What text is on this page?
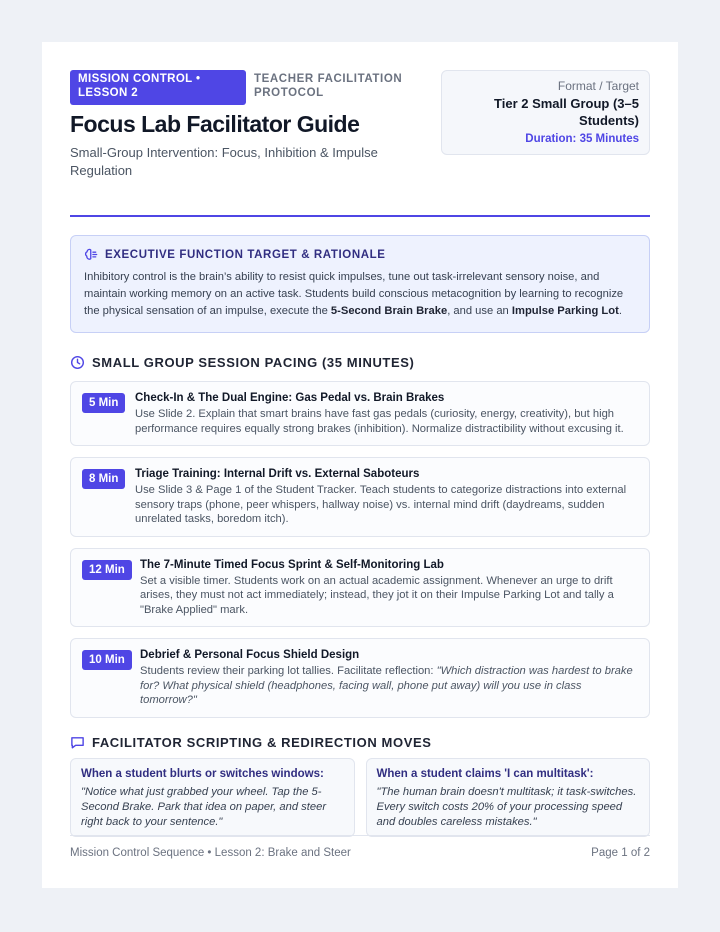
MISSION CONTROL • LESSON 2
TEACHER FACILITATION PROTOCOL
Focus Lab Facilitator Guide
Small-Group Intervention: Focus, Inhibition & Impulse Regulation
Format / Target
Tier 2 Small Group (3–5 Students)
Duration: 35 Minutes
EXECUTIVE FUNCTION TARGET & RATIONALE
Inhibitory control is the brain’s ability to resist quick impulses, tune out task-irrelevant sensory noise, and maintain working memory on an active task. Students build conscious metacognition by learning to recognize the physical sensation of an impulse, execute the 5-Second Brain Brake, and use an Impulse Parking Lot.
SMALL GROUP SESSION PACING (35 MINUTES)
5 Min	Check-In & The Dual Engine: Gas Pedal vs. Brain Brakes
Use Slide 2. Explain that smart brains have fast gas pedals (curiosity, energy, creativity), but high performance requires equally strong brakes (inhibition). Normalize distractibility without excusing it.
8 Min	Triage Training: Internal Drift vs. External Saboteurs
Use Slide 3 & Page 1 of the Student Tracker. Teach students to categorize distractions into external sensory traps (phone, peer whispers, hallway noise) vs. internal mind drift (daydreams, sudden unrelated tasks, boredom itch).
12 Min	The 7-Minute Timed Focus Sprint & Self-Monitoring Lab
Set a visible timer. Students work on an actual academic assignment. Whenever an urge to drift arises, they must not act immediately; instead, they jot it on their Impulse Parking Lot and tally a "Brake Applied" mark.
10 Min	Debrief & Personal Focus Shield Design
Students review their parking lot tallies. Facilitate reflection: "Which distraction was hardest to brake for? What physical shield (headphones, facing wall, phone put away) will you use in class tomorrow?"
FACILITATOR SCRIPTING & REDIRECTION MOVES
When a student blurts or switches windows:
"Notice what just grabbed your wheel. Tap the 5-Second Brake. Park that idea on paper, and steer right back to your sentence."
When a student claims 'I can multitask':
"The human brain doesn't multitask; it task-switches. Every switch costs 20% of your processing speed and doubles careless mistakes."
Mission Control Sequence • Lesson 2: Brake and Steer	Page 1 of 2
